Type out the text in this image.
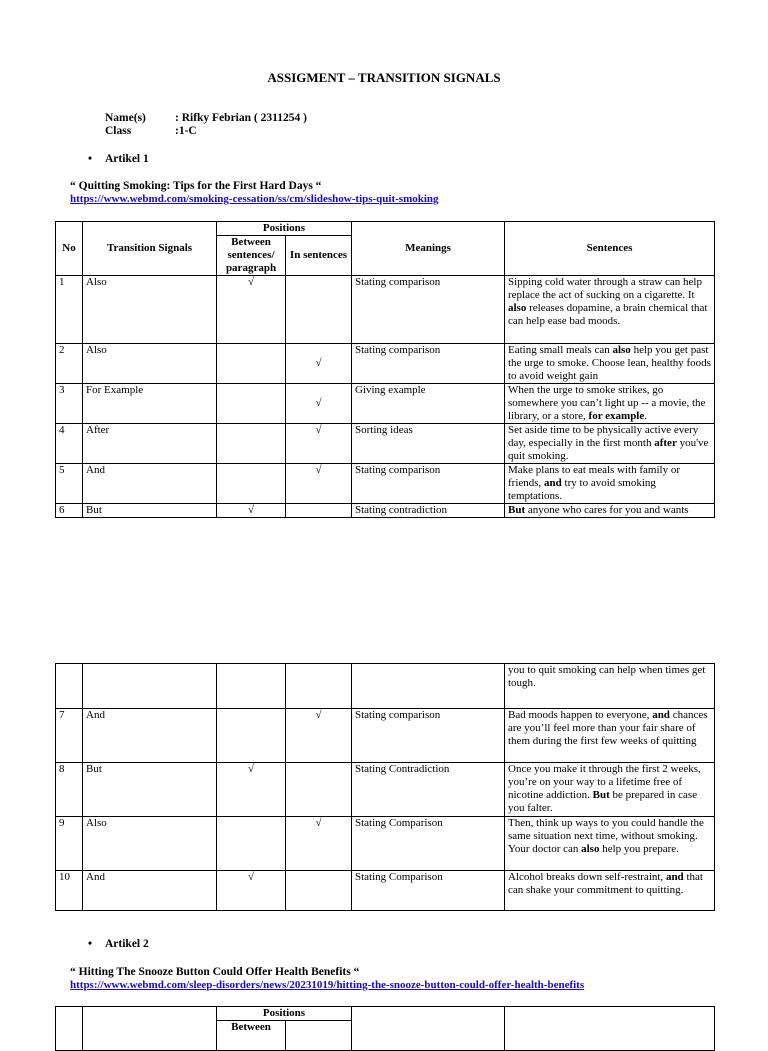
ASSIGMENT – TRANSITION SIGNALS
Name(s)	: Rifky Febrian ( 2311254 )
Class	:1-C
• Artikel 1
“ Quitting Smoking: Tips for the First Hard Days “
https://www.webmd.com/smoking-cessation/ss/cm/slideshow-tips-quit-smoking
No	Transition Signals	Positions		Meanings	Sentences
		Between sentences/ paragraph	In sentences		
1	Also	√		Stating comparison	Sipping cold water through a straw can help replace the act of sucking on a cigarette. It also releases dopamine, a brain chemical that can help ease bad moods.
2	Also		√	Stating comparison	Eating small meals can also help you get past the urge to smoke. Choose lean, healthy foods to avoid weight gain
3	For Example		√	Giving example	When the urge to smoke strikes, go somewhere you can’t light up -- a movie, the library, or a store, for example.
4	After		√	Sorting ideas	Set aside time to be physically active every day, especially in the first month after you've quit smoking.
5	And		√	Stating comparison	Make plans to eat meals with family or friends, and try to avoid smoking temptations.
6	But	√		Stating contradiction	But anyone who cares for you and wants
					you to quit smoking can help when times get tough.
7	And		√	Stating comparison	Bad moods happen to everyone, and chances are you’ll feel more than your fair share of them during the first few weeks of quitting
8	But	√		Stating Contradiction	Once you make it through the first 2 weeks, you’re on your way to a lifetime free of nicotine addiction. But be prepared in case you falter.
9	Also		√	Stating Comparison	Then, think up ways to you could handle the same situation next time, without smoking. Your doctor can also help you prepare.
10	And	√		Stating Comparison	Alcohol breaks down self-restraint, and that can shake your commitment to quitting.
• Artikel 2
“ Hitting The Snooze Button Could Offer Health Benefits “
https://www.webmd.com/sleep-disorders/news/20231019/hitting-the-snooze-button-could-offer-health-benefits
		Positions			
		Between			
